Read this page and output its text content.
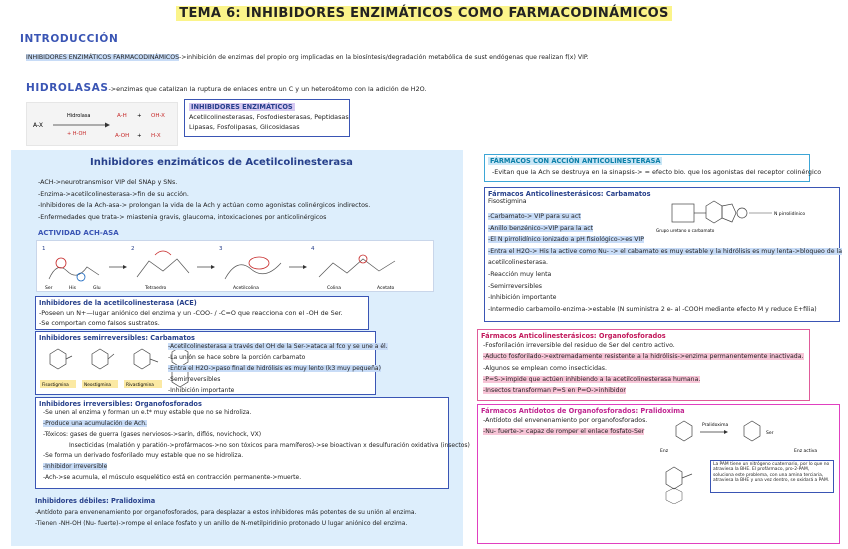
TEMA 6: INHIBIDORES ENZIMÁTICOS COMO FARMACODINÁMICOS
INTRODUCCIÓN
INHIBIDORES ENZIMÁTICOS FARMACODINÁMICOS->inhibición de enzimas del propio org implicadas en la biosíntesis/degradación metabólica de sust endógenas que realizan f(x) VIP.
HIDROLASAS->enzimas que catalizan la ruptura de enlaces entre un C y un heteroátomo con la adición de H2O.
A-X
Hidrolasa
+ H-OH
A-H + OH-X
A-OH + H-X
INHIBIDORES ENZIMÁTICOS
Acetilcolinesterasas, Fosfodiesterasas, Peptidasas
Lipasas, Fosfolipasas, Glicosidasas
Inhibidores enzimáticos de Acetilcolinesterasa
-ACH->neurotransmisor VIP del SNAp y SNs.
-Enzima->acetilcolinesterasa->fin de su acción.
-Inhibidores de la Ach-asa-> prolongan la vida de la Ach y actúan como agonistas colinérgicos indirectos.
-Enfermedades que trata-> miastenia gravis, glaucoma, intoxicaciones por anticolinérgicos
ACTIVIDAD ACH-ASA
1
Ser	His	Glu
2
Tetraedro
3
Acetilcolina
4
Colina	Acetato
Inhibidores de la acetilcolinesterasa (ACE)
-Poseen un N+—lugar aniónico del enzima y un -COO- / -C=O que reacciona con el -OH de Ser.
-Se comportan como falsos sustratos.
Inhibidores semirreversibles: Carbamatos
Fisostigmina	Neostigmina	Rivastigmina
-Acetilcolinesterasa a través del OH de la Ser->ataca al fco y se une a él.
-La unión se hace sobre la porción carbamato
-Entra el H2O->paso final de hidrólisis es muy lento (k3 muy pequeña)
-Semirreversibles
-Inhibición importante
Inhibidores irreversibles: Organofosforados
-Se unen al enzima y forman un e.t* muy estable que no se hidroliza.
-Produce una acumulación de Ach.
-Tóxicos: gases de guerra (gases nerviosos->sarín, diflós, novichock, VX)
Insecticidas (malatión y paratión->profármacos->no son tóxicos para mamíferos)->se bioactivan x desulfuración oxidativa (insectos)
-Se forma un derivado fosforilado muy estable que no se hidroliza.
-Inhibidor irreversible
-Ach->se acumula, el músculo esquelético está en contracción permanente->muerte.
Inhibidores débiles: Pralidoxima
-Antídoto para envenenamiento por organofosforados, para desplazar a estos inhibidores más potentes de su unión al enzima.
-Tienen -NH-OH (Nu- fuerte)->rompe el enlace fosfato y un anillo de N-metilpiridinio protonado U lugar aniónico del enzima.
FÁRMACOS CON ACCIÓN ANTICOLINESTERASA
-Evitan que la Ach se destruya en la sinapsis-> = efecto bio. que los agonistas del receptor colinérgico
Fármacos Anticolinesterásicos: Carbamatos
Fisostigmina
-Carbamato-> VIP para su act
-Anillo benzénico->VIP para la act
-El N pirrolidínico ionizado a pH fisiológico->es VIP
-Entra el H2O-> His la active como Nu- -> el cabamato es muy estable y la hidrólisis es muy lenta->bloqueo de la
acetilcolinesterasa.
-Reacción muy lenta
-Semirreversibles
-Inhibición importante
-Intermedio carbamoilo-enzima->estable (N suministra 2 e- al -COOH mediante efecto M y reduce E+filia)
Grupo uretano o carbamato
N pirrolidínico
Fármacos Anticolinesterásicos: Organofosforados
-Fosforilación irreversible del residuo de Ser del centro activo.
-Aducto fosforilado->extremadamente resistente a la hidrólisis->enzima permanentemente inactivada.
-Algunos se emplean como insecticidas.
-P=S->impide que actúen inhibiendo a la acetilcolinesterasa humana.
-Insectos transforman P=S en P=O->inhibidor
Fármacos Antídotos de Organofosforados: Pralidoxima
-Antídoto del envenenamiento por organofosforados.
-Nu- fuerte-> capaz de romper el enlace fosfato-Ser
Enz
Pralidoxima
Ser
Enz activa
La PAM tiene un nitrógeno cuaternario, por lo que no atraviesa la BHE. El profármaco, pro-2-PAM, soluciona este problema, con una amina terciaria, atraviesa la BHE y una vez dentro, se oxidará a PAM.
